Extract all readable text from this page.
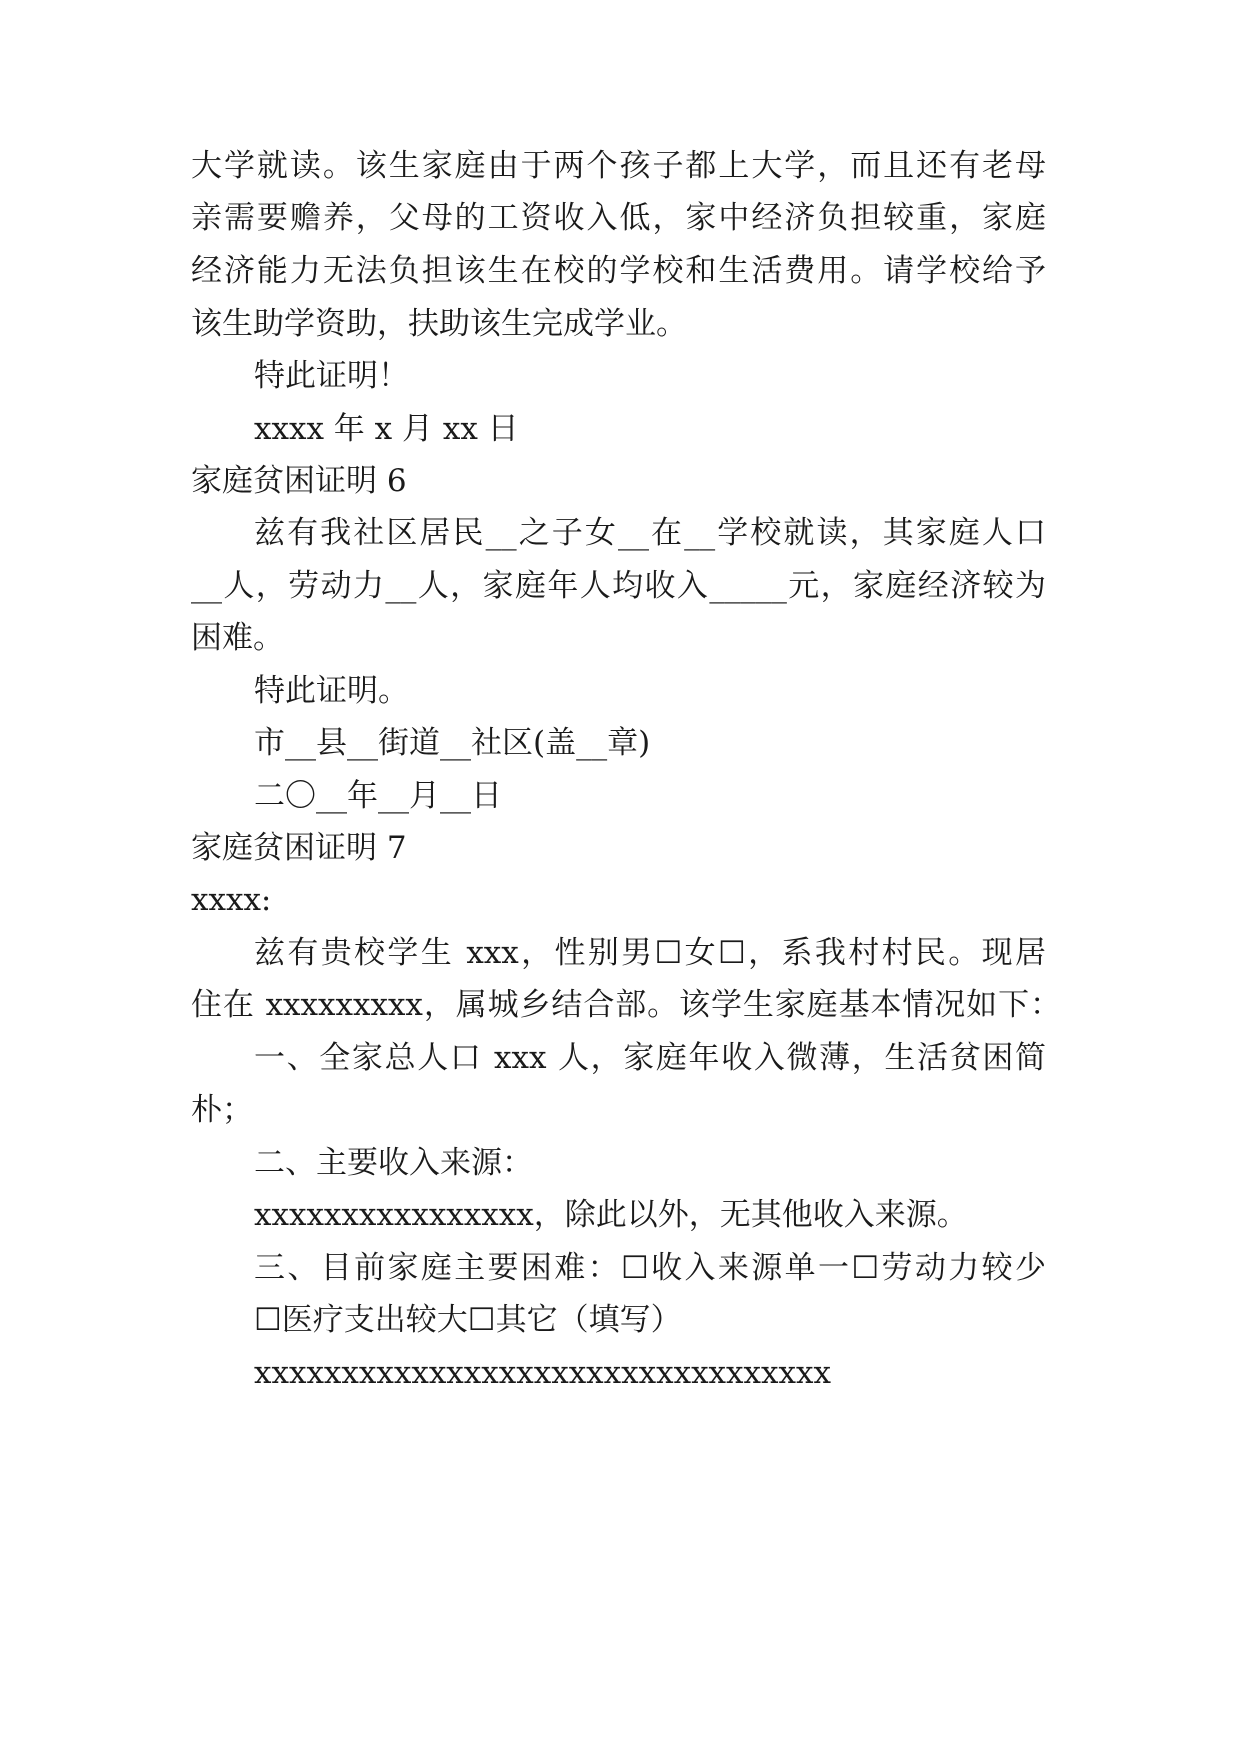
大学就读。该生家庭由于两个孩子都上大学，而且还有老母
亲需要赡养，父母的工资收入低，家中经济负担较重，家庭
经济能力无法负担该生在校的学校和生活费用。请学校给予
该生助学资助，扶助该生完成学业。
特此证明！
xxxx 年 x 月 xx 日
家庭贫困证明 6
兹有我社区居民__之子女__在__学校就读，其家庭人口
__人，劳动力__人，家庭年人均收入_____元，家庭经济较为
困难。
特此证明。
市__县__街道__社区(盖__章)
二〇__年__月__日
家庭贫困证明 7
xxxx:
兹有贵校学生 xxx，性别男☐女☐，系我村村民。现居
住在 xxxxxxxxx，属城乡结合部。该学生家庭基本情况如下：
一、全家总人口 xxx 人，家庭年收入微薄，生活贫困简
朴；
二、主要收入来源：
xxxxxxxxxxxxxxxx，除此以外，无其他收入来源。
三、目前家庭主要困难：☐收入来源单一☐劳动力较少
☐医疗支出较大☐其它（填写）
xxxxxxxxxxxxxxxxxxxxxxxxxxxxxxxxx
